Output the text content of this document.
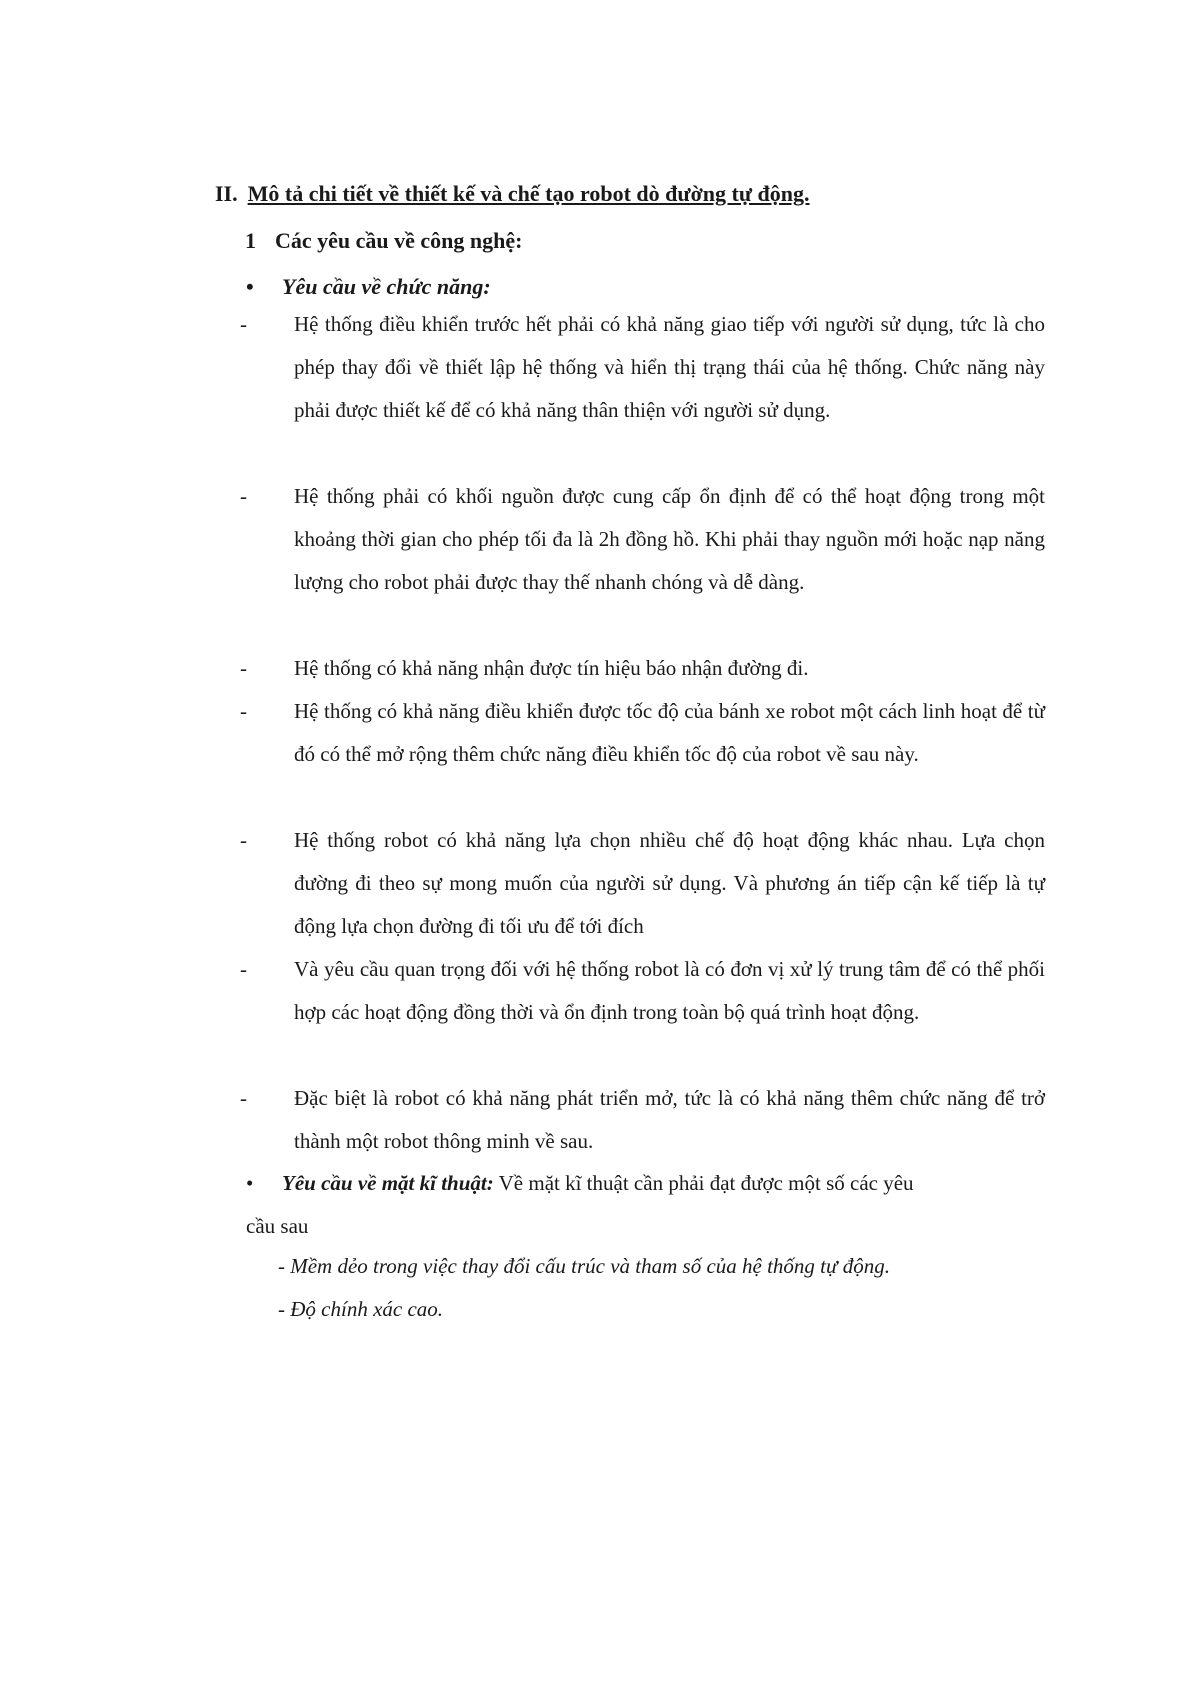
II. Mô tả chi tiết về thiết kế và chế tạo robot dò đường tự động.
1 Các yêu cầu về công nghệ:
• Yêu cầu về chức năng:
- Hệ thống điều khiển trước hết phải có khả năng giao tiếp với người sử dụng, tức là cho phép thay đổi về thiết lập hệ thống và hiển thị trạng thái của hệ thống. Chức năng này phải được thiết kế để có khả năng thân thiện với người sử dụng.
- Hệ thống phải có khối nguồn được cung cấp ổn định để có thể hoạt động trong một khoảng thời gian cho phép tối đa là 2h đồng hồ. Khi phải thay nguồn mới hoặc nạp năng lượng cho robot phải được thay thế nhanh chóng và dễ dàng.
- Hệ thống có khả năng nhận được tín hiệu báo nhận đường đi.
- Hệ thống có khả năng điều khiển được tốc độ của bánh xe robot một cách linh hoạt để từ đó có thể mở rộng thêm chức năng điều khiển tốc độ của robot về sau này.
- Hệ thống robot có khả năng lựa chọn nhiều chế độ hoạt động khác nhau. Lựa chọn đường đi theo sự mong muốn của người sử dụng. Và phương án tiếp cận kế tiếp là tự động lựa chọn đường đi tối ưu để tới đích
- Và yêu cầu quan trọng đối với hệ thống robot là có đơn vị xử lý trung tâm để có thể phối hợp các hoạt động đồng thời và ổn định trong toàn bộ quá trình hoạt động.
- Đặc biệt là robot có khả năng phát triển mở, tức là có khả năng thêm chức năng để trở thành một robot thông minh về sau.
• Yêu cầu về mặt kĩ thuật: Về mặt kĩ thuật cần phải đạt được một số các yêu
cầu sau
- Mềm dẻo trong việc thay đổi cấu trúc và tham số của hệ thống tự động.
- Độ chính xác cao.
